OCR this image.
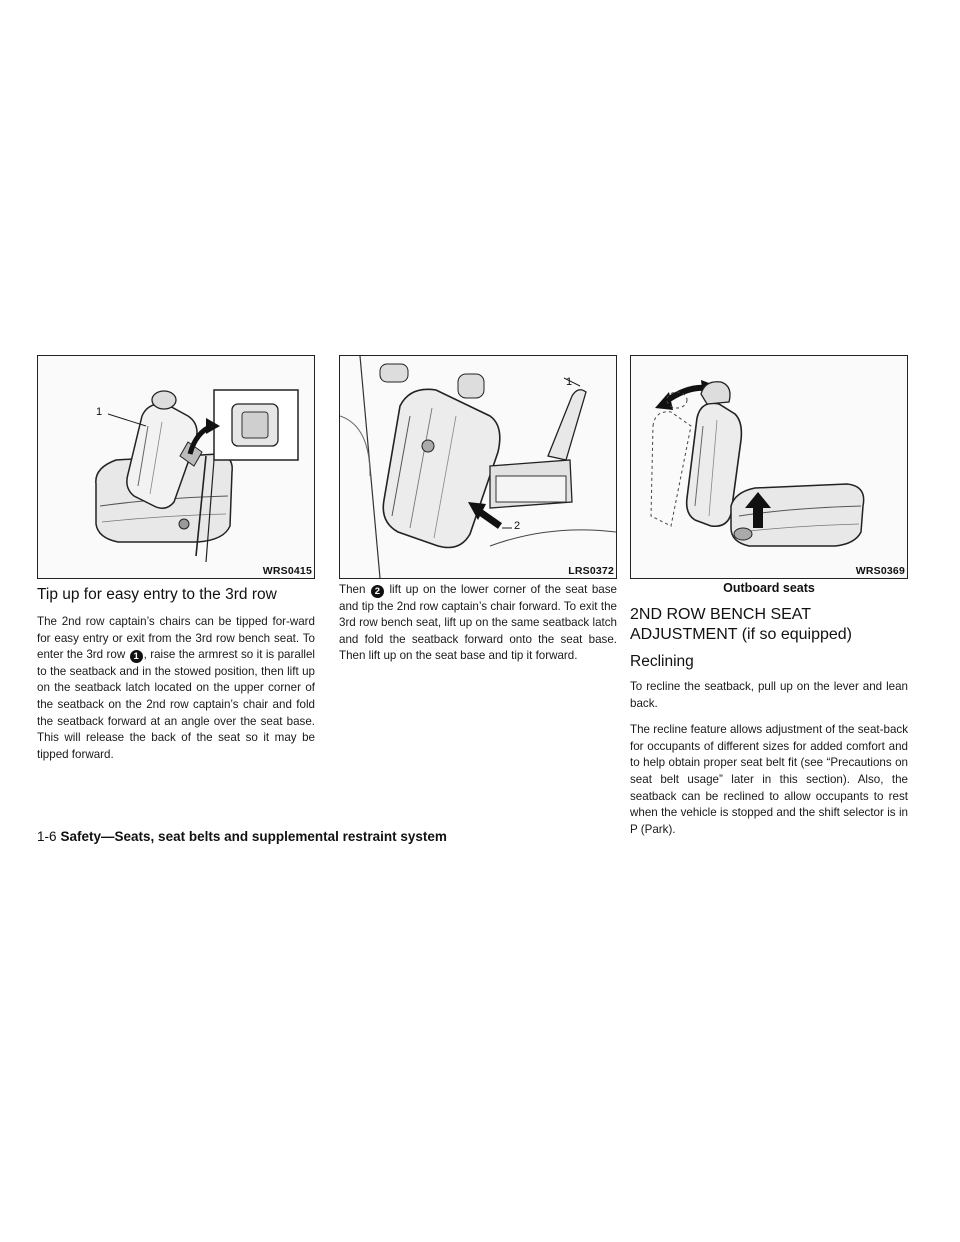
1
WRS0415
Tip up for easy entry to the 3rd row

The 2nd row captain’s chairs can be tipped for-ward for easy entry or exit from the 3rd row bench seat. To enter the 3rd row 1 , raise the armrest so it is parallel to the seatback and in the stowed position, then lift up on the seatback latch located on the upper corner of the seatback on the 2nd row captain’s chair and fold the seatback forward at an angle over the seat base. This will release the back of the seat so it may be tipped forward.

1
2
LRS0372

Then 2 lift up on the lower corner of the seat base and tip the 2nd row captain’s chair forward. To exit the 3rd row bench seat, lift up on the same seatback latch and fold the seatback forward onto the seat base. Then lift up on the seat base and tip it forward.

WRS0369
Outboard seats
2ND ROW BENCH SEAT
ADJUSTMENT (if so equipped)
Reclining

To recline the seatback, pull up on the lever and lean back.

The recline feature allows adjustment of the seat-back for occupants of different sizes for added comfort and to help obtain proper seat belt fit (see “Precautions on seat belt usage” later in this section). Also, the seatback can be reclined to allow occupants to rest when the vehicle is stopped and the shift selector is in P (Park).

1-6 Safety—Seats, seat belts and supplemental restraint system
